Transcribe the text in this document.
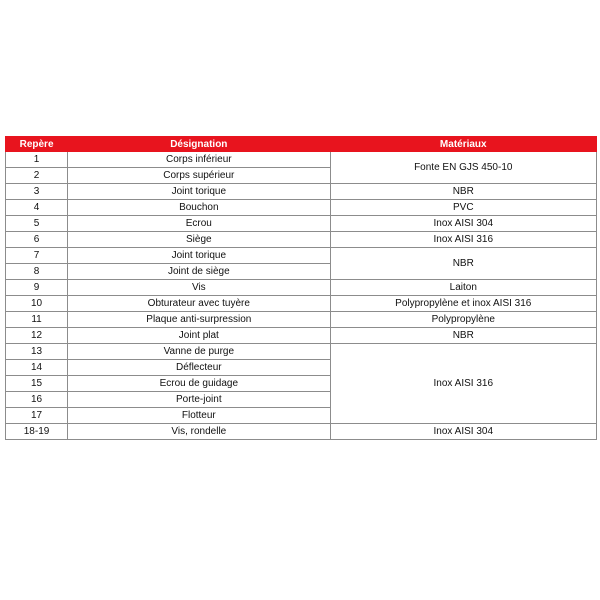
Repère	Désignation	Matériaux
1	Corps inférieur	Fonte EN GJS 450-10
2	Corps supérieur	
3	Joint torique	NBR
4	Bouchon	PVC
5	Ecrou	Inox AISI 304
6	Siège	Inox AISI 316
7	Joint torique	NBR
8	Joint de siège	
9	Vis	Laiton
10	Obturateur avec tuyère	Polypropylène et inox AISI 316
11	Plaque anti-surpression	Polypropylène
12	Joint plat	NBR
13	Vanne de purge	Inox AISI 316
14	Déflecteur	
15	Ecrou de guidage	
16	Porte-joint	
17	Flotteur	
18-19	Vis, rondelle	Inox AISI 304
